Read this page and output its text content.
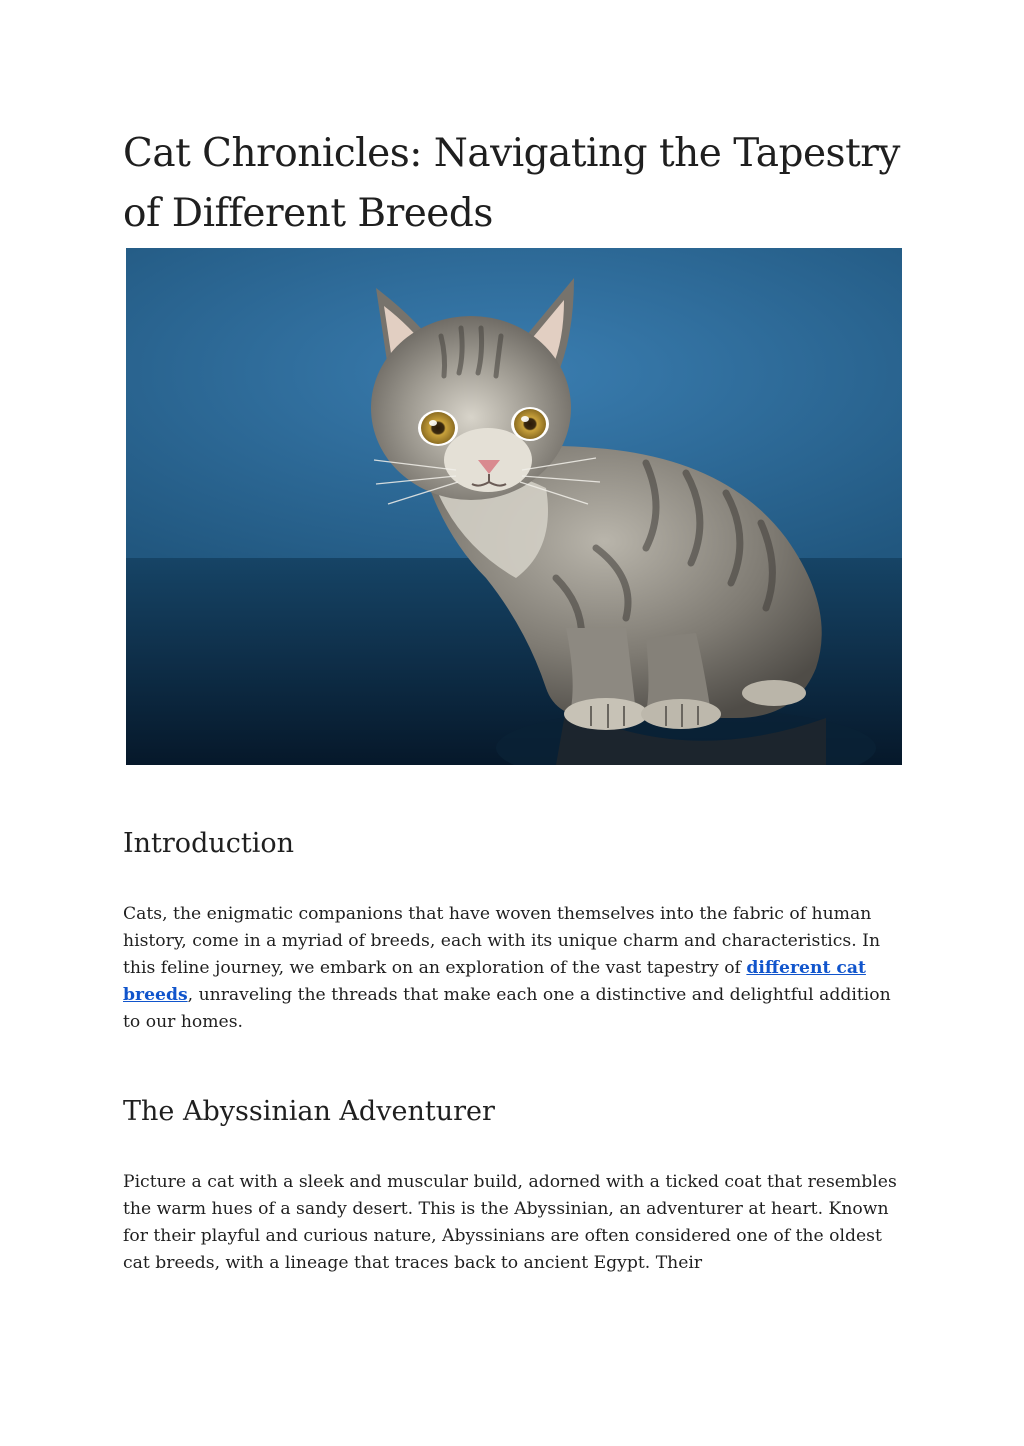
Cat Chronicles: Navigating the Tapestry of Different Breeds
Introduction

Cats, the enigmatic companions that have woven themselves into the fabric of human history, come in a myriad of breeds, each with its unique charm and characteristics. In this feline journey, we embark on an exploration of the vast tapestry of different cat breeds, unraveling the threads that make each one a distinctive and delightful addition to our homes.

The Abyssinian Adventurer

Picture a cat with a sleek and muscular build, adorned with a ticked coat that resembles the warm hues of a sandy desert. This is the Abyssinian, an adventurer at heart. Known for their playful and curious nature, Abyssinians are often considered one of the oldest cat breeds, with a lineage that traces back to ancient Egypt. Their
